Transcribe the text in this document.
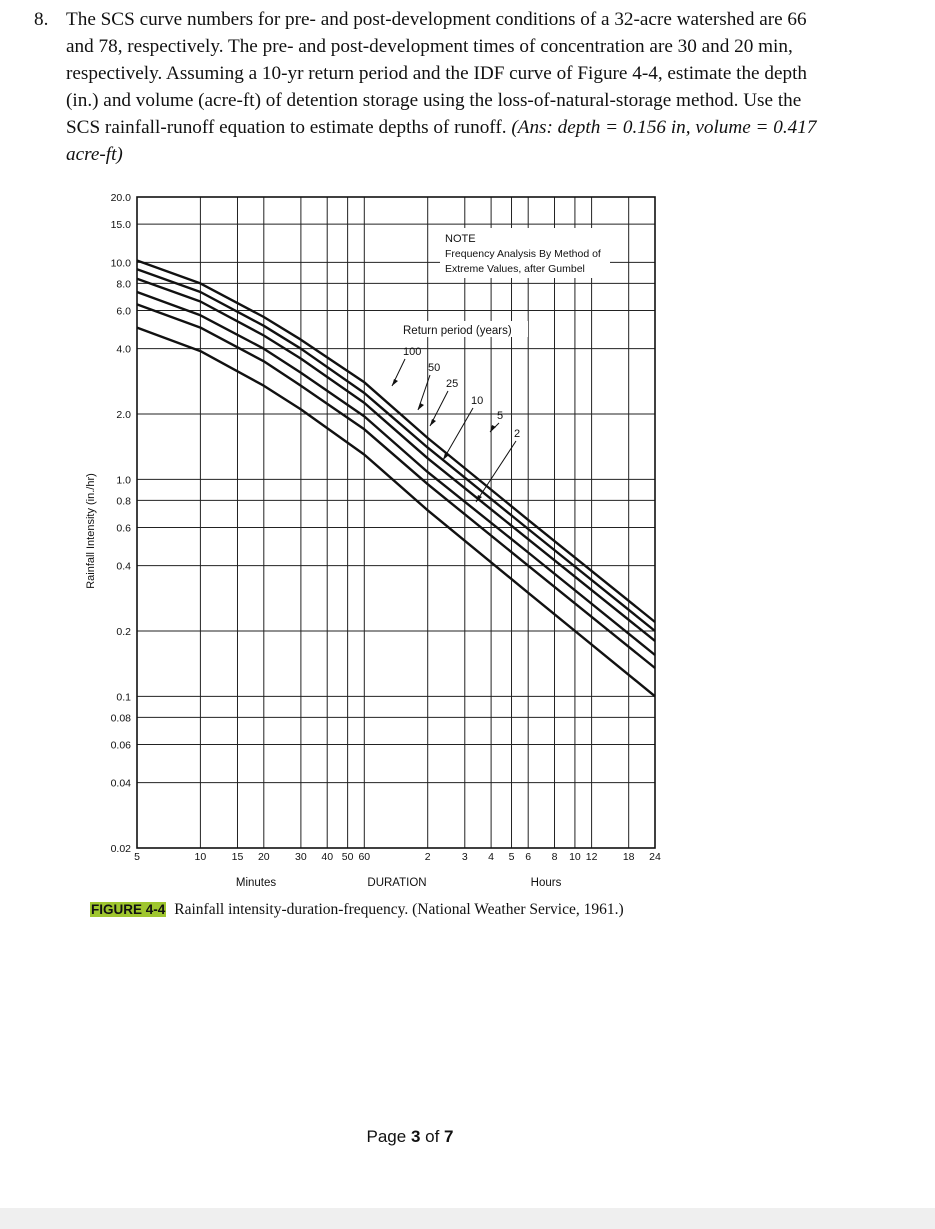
8. The SCS curve numbers for pre- and post-development conditions of a 32-acre watershed are 66 and 78, respectively. The pre- and post-development times of concentration are 30 and 20 min, respectively. Assuming a 10-yr return period and the IDF curve of Figure 4-4, estimate the depth (in.) and volume (acre-ft) of detention storage using the loss-of-natural-storage method. Use the SCS rainfall-runoff equation to estimate depths of runoff. (Ans: depth = 0.156 in, volume = 0.417 acre-ft)
5	10 15 20 30 40 50 60	2	3 4 5 6 8 10 12 18 24
20.0
15.0
10.0
8.0
6.0
4.0
2.0
1.0
0.8
0.6
0.4
0.2
0.1
0.08
0.06
0.04
0.02
Return period (years)
100
50
25
10
5
2
NOTE
Frequency Analysis By Method of
Extreme Values, after Gumbel
Rainfall Intensity (in./hr)
DURATION
Minutes	Hours
FIGURE 4-4 Rainfall intensity-duration-frequency. (National Weather Service, 1961.)
Page 3 of 7
